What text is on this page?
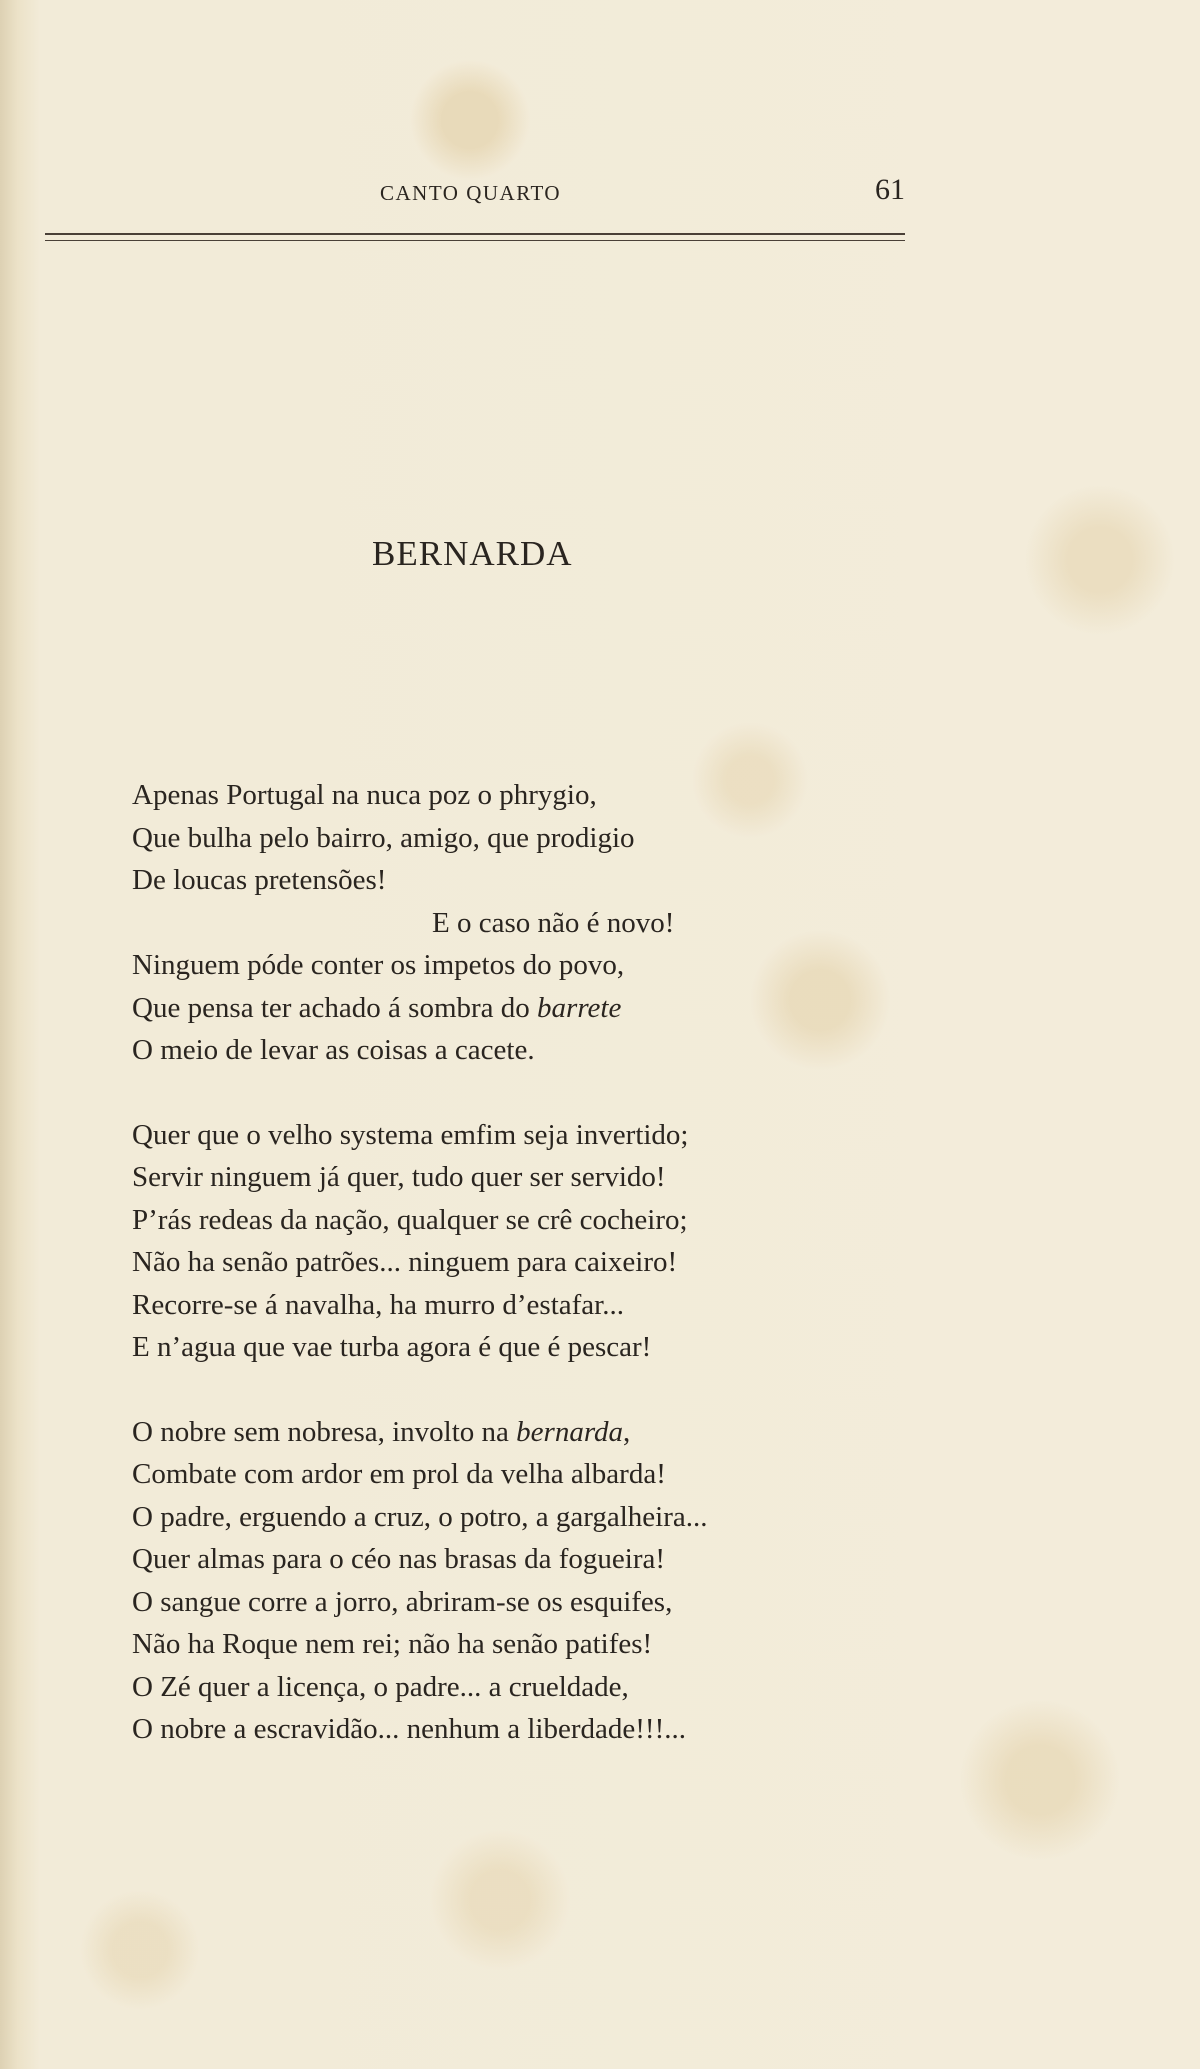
CANTO QUARTO	61
BERNARDA
Apenas Portugal na nuca poz o phrygio,
Que bulha pelo bairro, amigo, que prodigio
De loucas pretensões!
E o caso não é novo!
Ninguem póde conter os impetos do povo,
Que pensa ter achado á sombra do barrete
O meio de levar as coisas a cacete.
Quer que o velho systema emfim seja invertido;
Servir ninguem já quer, tudo quer ser servido!
P’rás redeas da nação, qualquer se crê cocheiro;
Não ha senão patrões... ninguem para caixeiro!
Recorre-se á navalha, ha murro d’estafar...
E n’agua que vae turba agora é que é pescar!
O nobre sem nobresa, involto na bernarda,
Combate com ardor em prol da velha albarda!
O padre, erguendo a cruz, o potro, a gargalheira...
Quer almas para o céo nas brasas da fogueira!
O sangue corre a jorro, abriram-se os esquifes,
Não ha Roque nem rei; não ha senão patifes!
O Zé quer a licença, o padre... a crueldade,
O nobre a escravidão... nenhum a liberdade!!!...
